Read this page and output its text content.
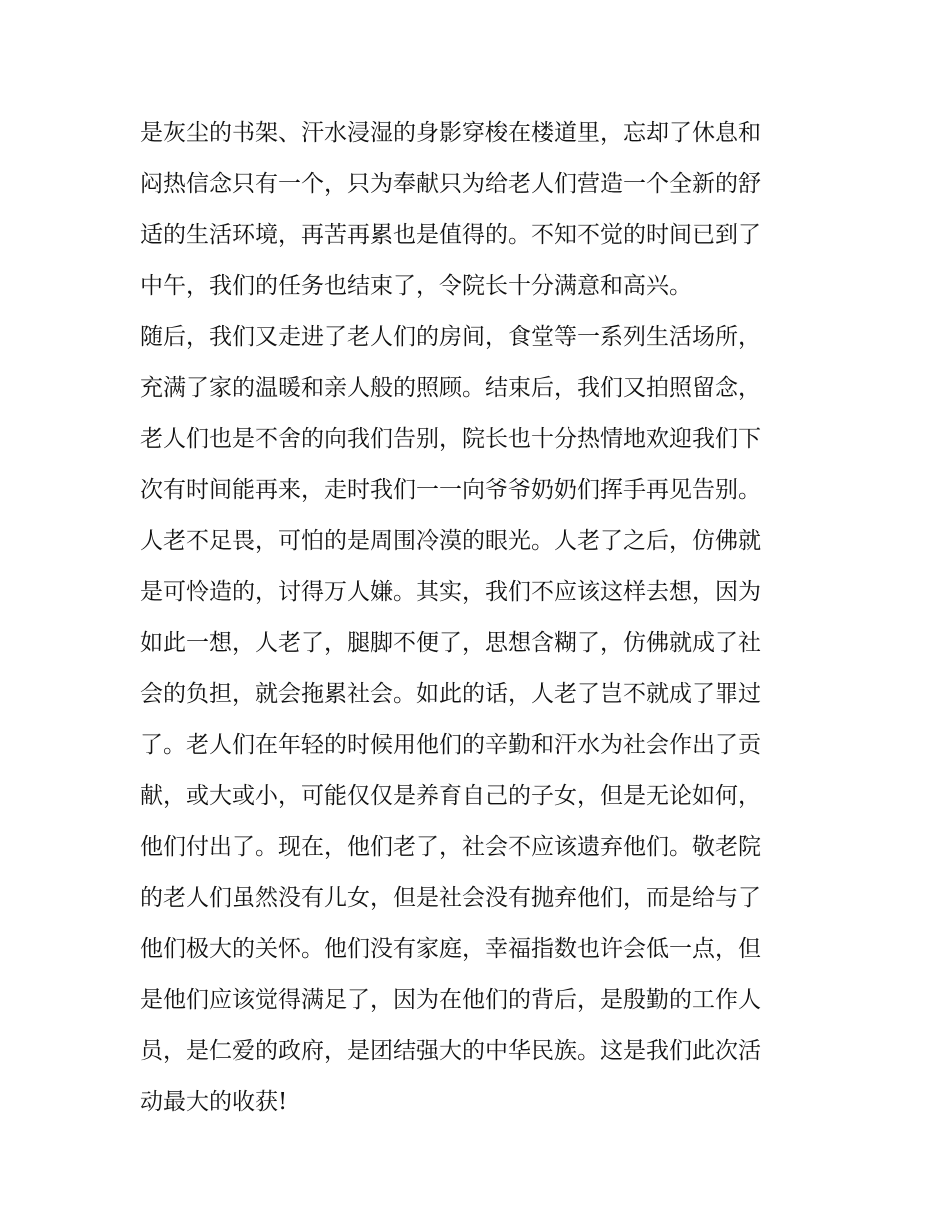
是灰尘的书架、汗水浸湿的身影穿梭在楼道里，忘却了休息和
闷热信念只有一个，只为奉献只为给老人们营造一个全新的舒
适的生活环境，再苦再累也是值得的。不知不觉的时间已到了
中午，我们的任务也结束了，令院长十分满意和高兴。
随后，我们又走进了老人们的房间，食堂等一系列生活场所，
充满了家的温暖和亲人般的照顾。结束后，我们又拍照留念，
老人们也是不舍的向我们告别，院长也十分热情地欢迎我们下
次有时间能再来，走时我们一一向爷爷奶奶们挥手再见告别。
人老不足畏，可怕的是周围冷漠的眼光。人老了之后，仿佛就
是可怜造的，讨得万人嫌。其实，我们不应该这样去想，因为
如此一想，人老了，腿脚不便了，思想含糊了，仿佛就成了社
会的负担，就会拖累社会。如此的话，人老了岂不就成了罪过
了。老人们在年轻的时候用他们的辛勤和汗水为社会作出了贡
献，或大或小，可能仅仅是养育自己的子女，但是无论如何，
他们付出了。现在，他们老了，社会不应该遗弃他们。敬老院
的老人们虽然没有儿女，但是社会没有抛弃他们，而是给与了
他们极大的关怀。他们没有家庭，幸福指数也许会低一点，但
是他们应该觉得满足了，因为在他们的背后，是殷勤的工作人
员，是仁爱的政府，是团结强大的中华民族。这是我们此次活
动最大的收获!
